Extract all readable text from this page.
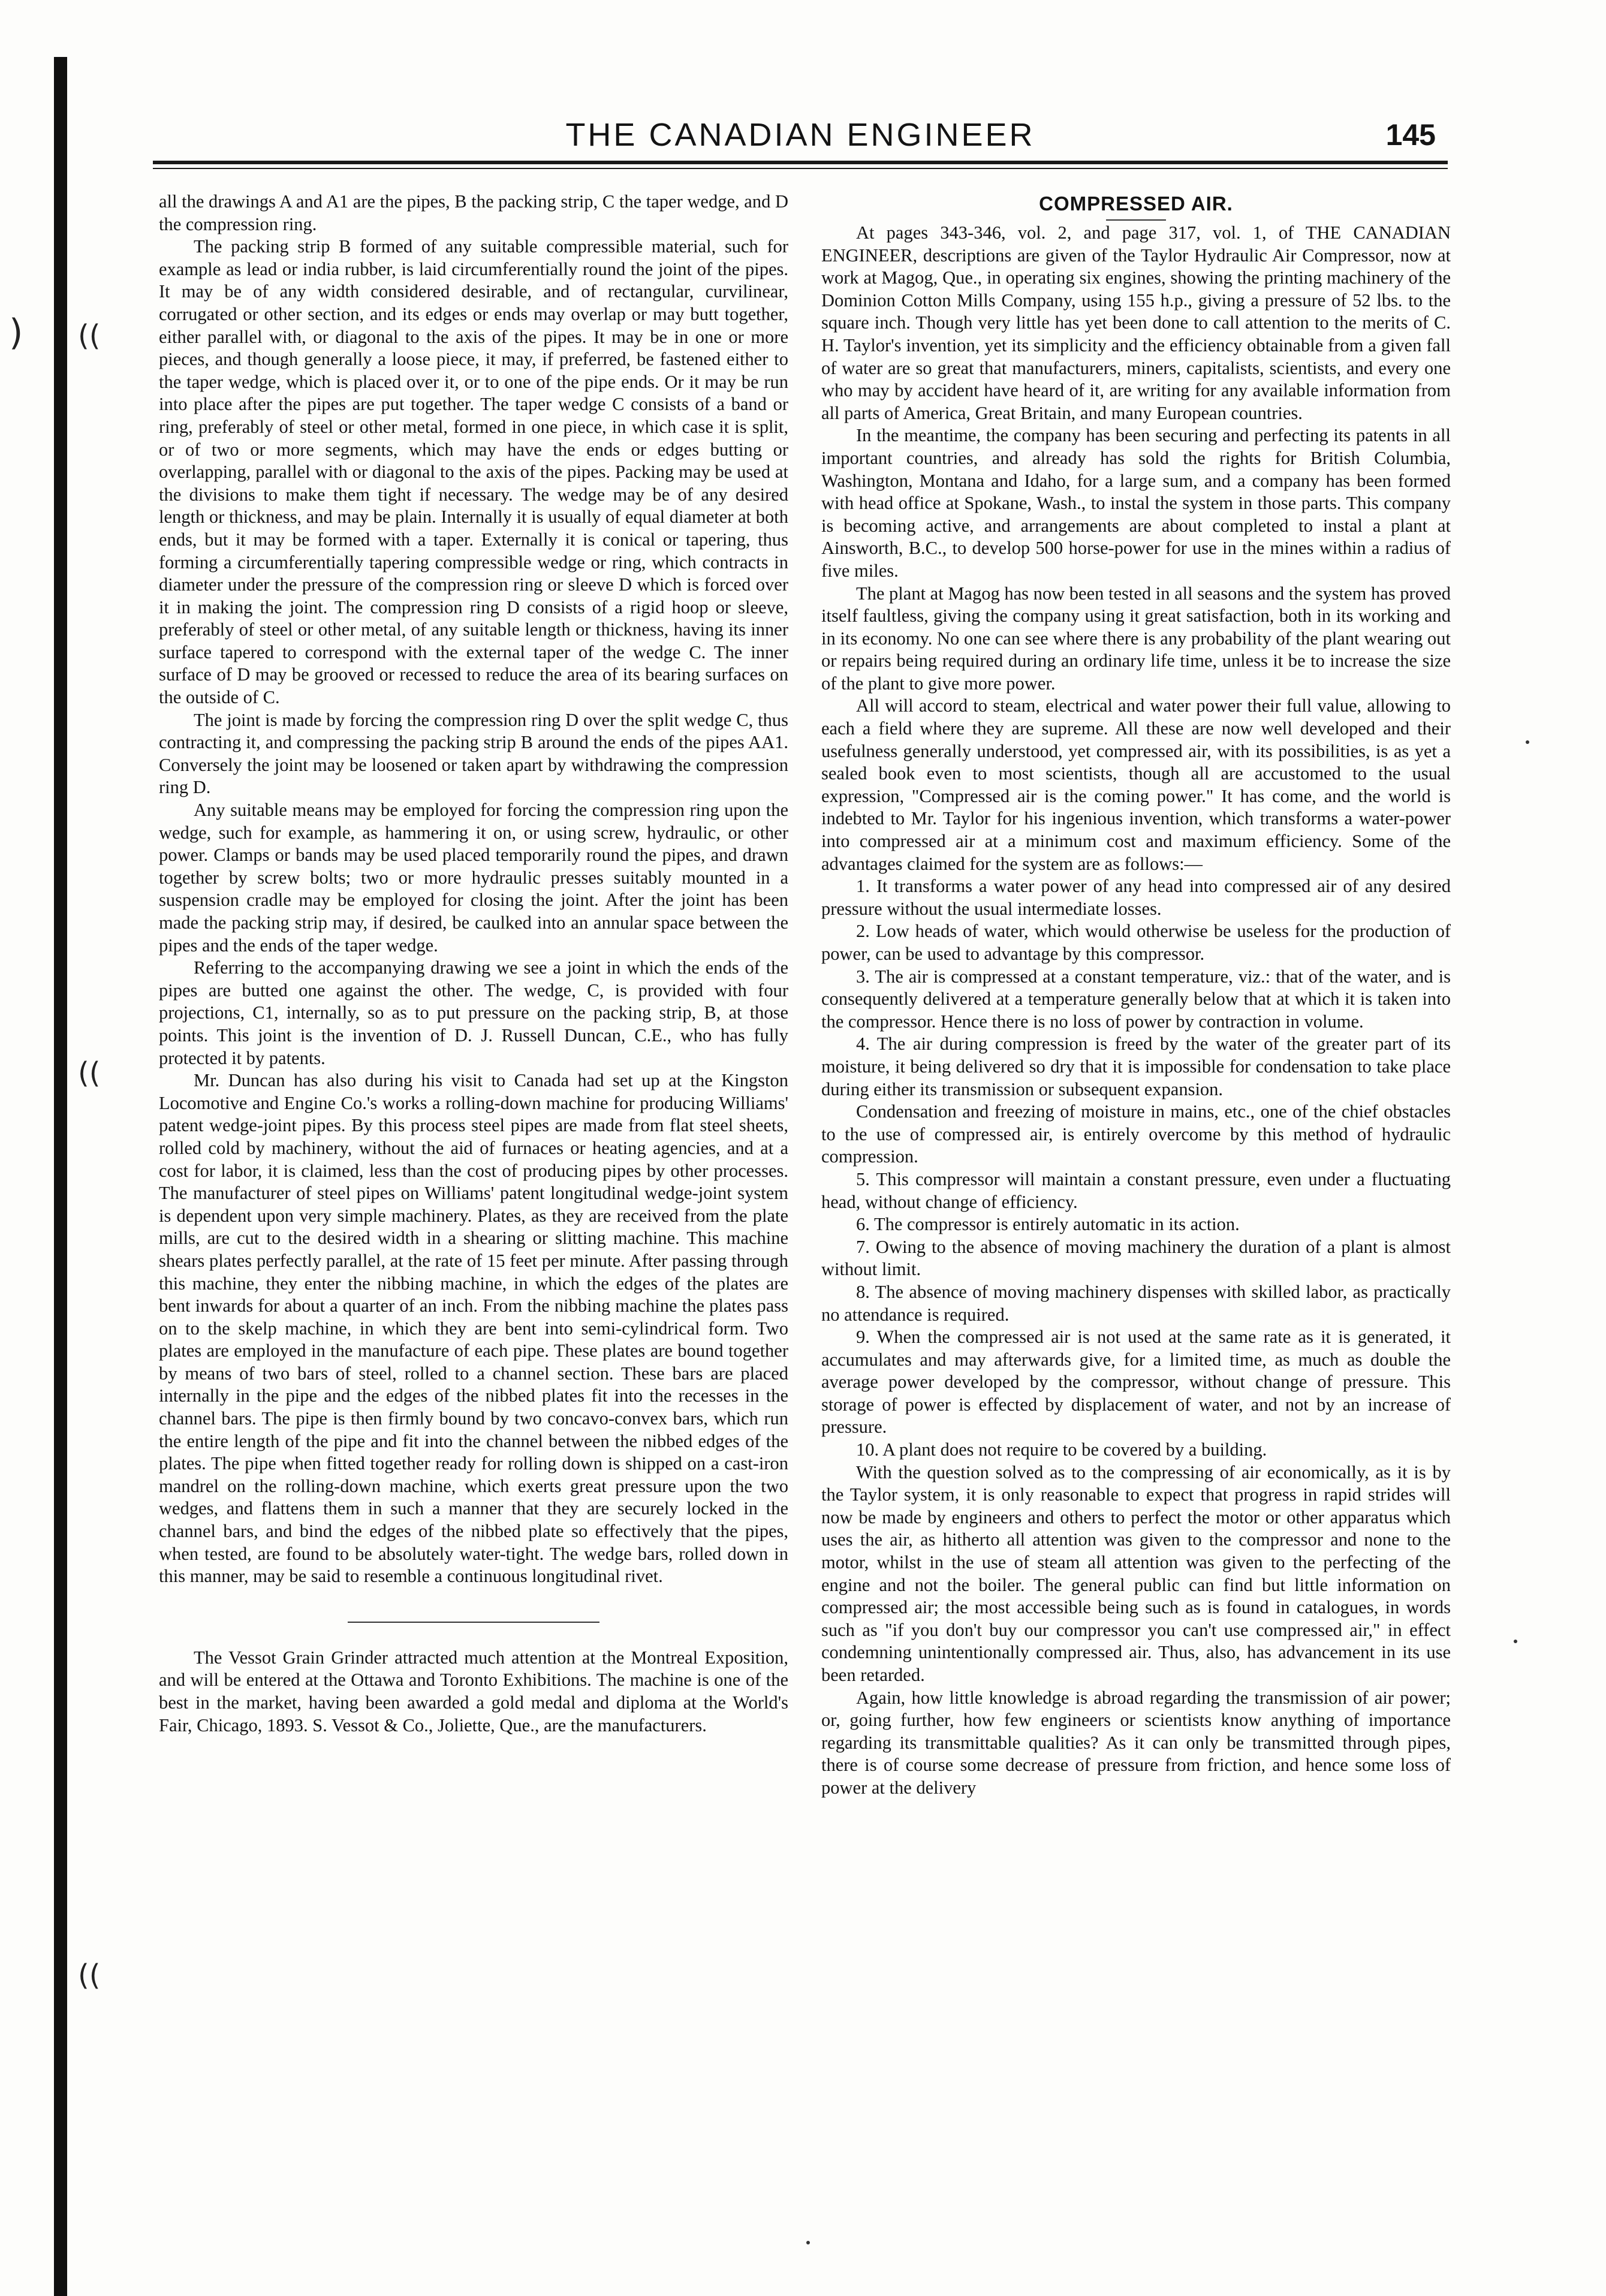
) ((
((
((
THE CANADIAN ENGINEER	145

all the drawings A and A1 are the pipes, B the packing strip, C the taper wedge, and D the compression ring.

The packing strip B formed of any suitable compressible material, such for example as lead or india rubber, is laid circumferentially round the joint of the pipes. It may be of any width considered desirable, and of rectangular, curvilinear, corrugated or other section, and its edges or ends may overlap or may butt together, either parallel with, or diagonal to the axis of the pipes. It may be in one or more pieces, and though generally a loose piece, it may, if preferred, be fastened either to the taper wedge, which is placed over it, or to one of the pipe ends. Or it may be run into place after the pipes are put together. The taper wedge C consists of a band or ring, preferably of steel or other metal, formed in one piece, in which case it is split, or of two or more segments, which may have the ends or edges butting or overlapping, parallel with or diagonal to the axis of the pipes. Packing may be used at the divisions to make them tight if necessary. The wedge may be of any desired length or thickness, and may be plain. Internally it is usually of equal diameter at both ends, but it may be formed with a taper. Externally it is conical or tapering, thus forming a circumferentially tapering compressible wedge or ring, which contracts in diameter under the pressure of the compression ring or sleeve D which is forced over it in making the joint. The compression ring D consists of a rigid hoop or sleeve, preferably of steel or other metal, of any suitable length or thickness, having its inner surface tapered to correspond with the external taper of the wedge C. The inner surface of D may be grooved or recessed to reduce the area of its bearing surfaces on the outside of C.

The joint is made by forcing the compression ring D over the split wedge C, thus contracting it, and compressing the packing strip B around the ends of the pipes AA1. Conversely the joint may be loosened or taken apart by withdrawing the compression ring D.

Any suitable means may be employed for forcing the compression ring upon the wedge, such for example, as hammering it on, or using screw, hydraulic, or other power. Clamps or bands may be used placed temporarily round the pipes, and drawn together by screw bolts; two or more hydraulic presses suitably mounted in a suspension cradle may be employed for closing the joint. After the joint has been made the packing strip may, if desired, be caulked into an annular space between the pipes and the ends of the taper wedge.

Referring to the accompanying drawing we see a joint in which the ends of the pipes are butted one against the other. The wedge, C, is provided with four projections, C1, internally, so as to put pressure on the packing strip, B, at those points. This joint is the invention of D. J. Russell Duncan, C.E., who has fully protected it by patents.

Mr. Duncan has also during his visit to Canada had set up at the Kingston Locomotive and Engine Co.'s works a rolling-down machine for producing Williams' patent wedge-joint pipes. By this process steel pipes are made from flat steel sheets, rolled cold by machinery, without the aid of furnaces or heating agencies, and at a cost for labor, it is claimed, less than the cost of producing pipes by other processes. The manufacturer of steel pipes on Williams' patent longitudinal wedge-joint system is dependent upon very simple machinery. Plates, as they are received from the plate mills, are cut to the desired width in a shearing or slitting machine. This machine shears plates perfectly parallel, at the rate of 15 feet per minute. After passing through this machine, they enter the nibbing machine, in which the edges of the plates are bent inwards for about a quarter of an inch. From the nibbing machine the plates pass on to the skelp machine, in which they are bent into semi-cylindrical form. Two plates are employed in the manufacture of each pipe. These plates are bound together by means of two bars of steel, rolled to a channel section. These bars are placed internally in the pipe and the edges of the nibbed plates fit into the recesses in the channel bars. The pipe is then firmly bound by two concavo-convex bars, which run the entire length of the pipe and fit into the channel between the nibbed edges of the plates. The pipe when fitted together ready for rolling down is shipped on a cast-iron mandrel on the rolling-down machine, which exerts great pressure upon the two wedges, and flattens them in such a manner that they are securely locked in the channel bars, and bind the edges of the nibbed plate so effectively that the pipes, when tested, are found to be absolutely water-tight. The wedge bars, rolled down in this manner, may be said to resemble a continuous longitudinal rivet.

The Vessot Grain Grinder attracted much attention at the Montreal Exposition, and will be entered at the Ottawa and Toronto Exhibitions. The machine is one of the best in the market, having been awarded a gold medal and diploma at the World's Fair, Chicago, 1893. S. Vessot & Co., Joliette, Que., are the manufacturers.

COMPRESSED AIR.

At pages 343-346, vol. 2, and page 317, vol. 1, of THE CANADIAN ENGINEER, descriptions are given of the Taylor Hydraulic Air Compressor, now at work at Magog, Que., in operating six engines, showing the printing machinery of the Dominion Cotton Mills Company, using 155 h.p., giving a pressure of 52 lbs. to the square inch. Though very little has yet been done to call attention to the merits of C. H. Taylor's invention, yet its simplicity and the efficiency obtainable from a given fall of water are so great that manufacturers, miners, capitalists, scientists, and every one who may by accident have heard of it, are writing for any available information from all parts of America, Great Britain, and many European countries.

In the meantime, the company has been securing and perfecting its patents in all important countries, and already has sold the rights for British Columbia, Washington, Montana and Idaho, for a large sum, and a company has been formed with head office at Spokane, Wash., to instal the system in those parts. This company is becoming active, and arrangements are about completed to instal a plant at Ainsworth, B.C., to develop 500 horse-power for use in the mines within a radius of five miles.

The plant at Magog has now been tested in all seasons and the system has proved itself faultless, giving the company using it great satisfaction, both in its working and in its economy. No one can see where there is any probability of the plant wearing out or repairs being required during an ordinary life time, unless it be to increase the size of the plant to give more power.

All will accord to steam, electrical and water power their full value, allowing to each a field where they are supreme. All these are now well developed and their usefulness generally understood, yet compressed air, with its possibilities, is as yet a sealed book even to most scientists, though all are accustomed to the usual expression, "Compressed air is the coming power." It has come, and the world is indebted to Mr. Taylor for his ingenious invention, which transforms a water-power into compressed air at a minimum cost and maximum efficiency. Some of the advantages claimed for the system are as follows:—

1. It transforms a water power of any head into compressed air of any desired pressure without the usual intermediate losses.

2. Low heads of water, which would otherwise be useless for the production of power, can be used to advantage by this compressor.

3. The air is compressed at a constant temperature, viz.: that of the water, and is consequently delivered at a temperature generally below that at which it is taken into the compressor. Hence there is no loss of power by contraction in volume.

4. The air during compression is freed by the water of the greater part of its moisture, it being delivered so dry that it is impossible for condensation to take place during either its transmission or subsequent expansion.

Condensation and freezing of moisture in mains, etc., one of the chief obstacles to the use of compressed air, is entirely overcome by this method of hydraulic compression.

5. This compressor will maintain a constant pressure, even under a fluctuating head, without change of efficiency.

6. The compressor is entirely automatic in its action.

7. Owing to the absence of moving machinery the duration of a plant is almost without limit.

8. The absence of moving machinery dispenses with skilled labor, as practically no attendance is required.

9. When the compressed air is not used at the same rate as it is generated, it accumulates and may afterwards give, for a limited time, as much as double the average power developed by the compressor, without change of pressure. This storage of power is effected by displacement of water, and not by an increase of pressure.

10. A plant does not require to be covered by a building.

With the question solved as to the compressing of air economically, as it is by the Taylor system, it is only reasonable to expect that progress in rapid strides will now be made by engineers and others to perfect the motor or other apparatus which uses the air, as hitherto all attention was given to the compressor and none to the motor, whilst in the use of steam all attention was given to the perfecting of the engine and not the boiler. The general public can find but little information on compressed air; the most accessible being such as is found in catalogues, in words such as "if you don't buy our compressor you can't use compressed air," in effect condemning unintentionally compressed air. Thus, also, has advancement in its use been retarded.

Again, how little knowledge is abroad regarding the transmission of air power; or, going further, how few engineers or scientists know anything of importance regarding its transmittable qualities? As it can only be transmitted through pipes, there is of course some decrease of pressure from friction, and hence some loss of power at the delivery
